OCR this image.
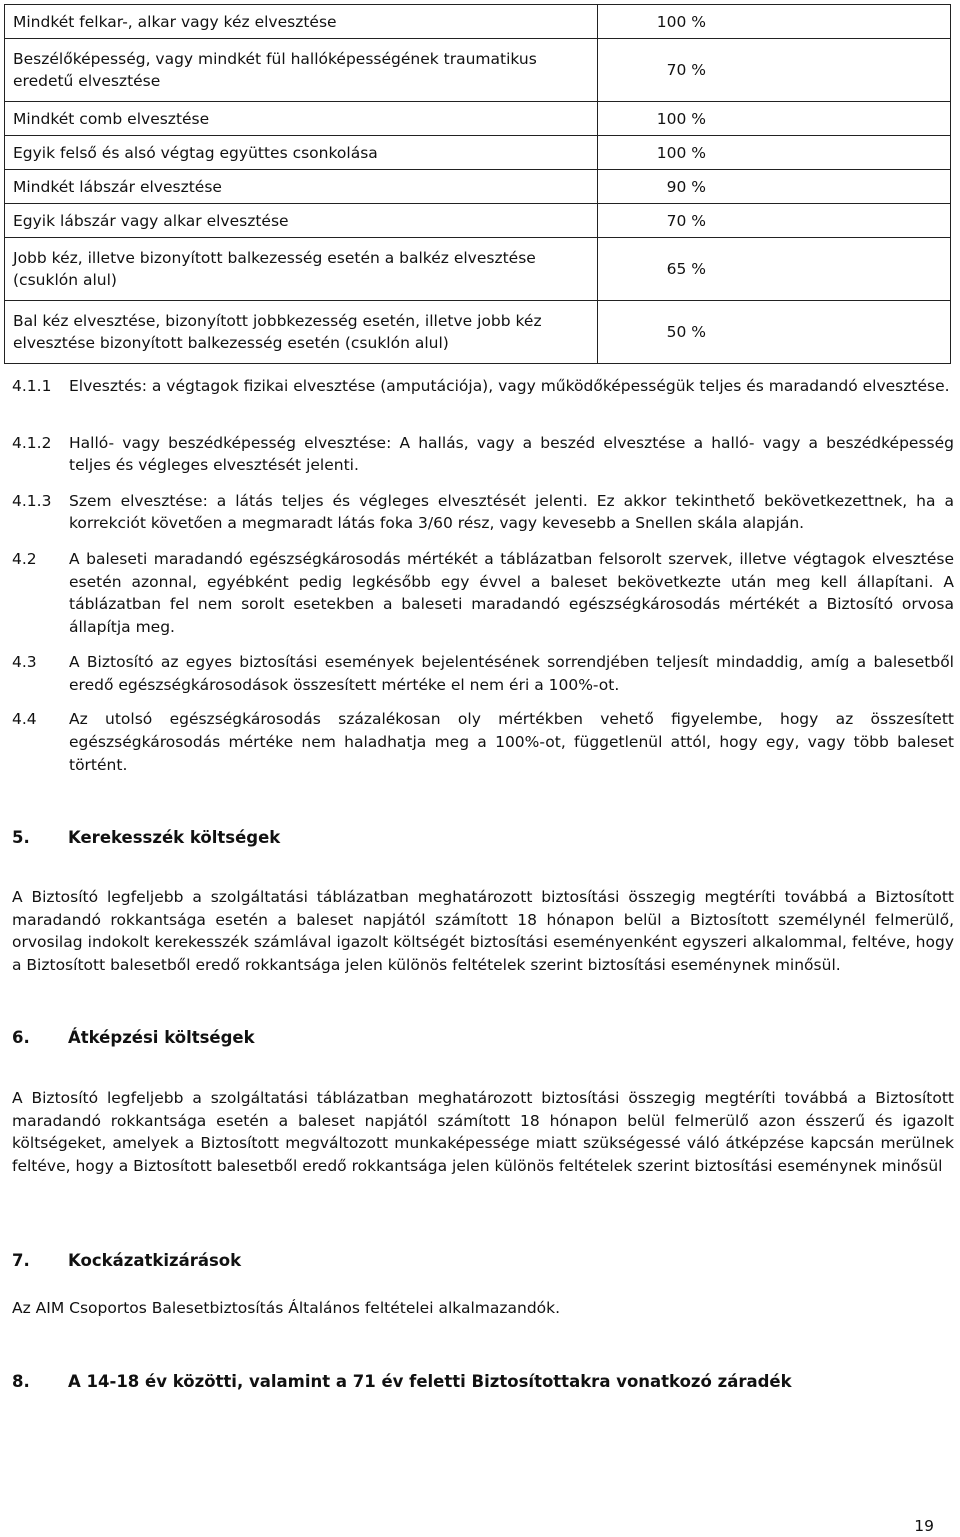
Mindkét felkar-, alkar vagy kéz elvesztése	100 %	
Beszélőképesség, vagy mindkét fül hallóképességének traumatikus eredetű elvesztése	70 %	
Mindkét comb elvesztése	100 %	
Egyik felső és alsó végtag együttes csonkolása	100 %	
Mindkét lábszár elvesztése	90 %	
Egyik lábszár vagy alkar elvesztése	70 %	
Jobb kéz, illetve bizonyított balkezesség esetén a balkéz elvesztése (csuklón alul)	65 %	
Bal kéz elvesztése, bizonyított jobbkezesség esetén, illetve jobb kéz elvesztése bizonyított balkezesség esetén (csuklón alul)	50 %	
4.1.1 Elvesztés: a végtagok fizikai elvesztése (amputációja), vagy működőképességük teljes és maradandó elvesztése.
4.1.2 Halló- vagy beszédképesség elvesztése: A hallás, vagy a beszéd elvesztése a halló- vagy a beszédképesség teljes és végleges elvesztését jelenti.
4.1.3 Szem elvesztése: a látás teljes és végleges elvesztését jelenti. Ez akkor tekinthető bekövetkezettnek, ha a korrekciót követően a megmaradt látás foka 3/60 rész, vagy kevesebb a Snellen skála alapján.
4.2 A baleseti maradandó egészségkárosodás mértékét a táblázatban felsorolt szervek, illetve végtagok elvesztése esetén azonnal, egyébként pedig legkésőbb egy évvel a baleset bekövetkezte után meg kell állapítani. A táblázatban fel nem sorolt esetekben a baleseti maradandó egészségkárosodás mértékét a Biztosító orvosa állapítja meg.
4.3 A Biztosító az egyes biztosítási események bejelentésének sorrendjében teljesít mindaddig, amíg a balesetből eredő egészségkárosodások összesített mértéke el nem éri a 100%-ot.
4.4 Az utolsó egészségkárosodás százalékosan oly mértékben vehető figyelembe, hogy az összesített egészségkárosodás mértéke nem haladhatja meg a 100%-ot, függetlenül attól, hogy egy, vagy több baleset történt.
5. Kerekesszék költségek
A Biztosító legfeljebb a szolgáltatási táblázatban meghatározott biztosítási összegig megtéríti továbbá a Biztosított maradandó rokkantsága esetén a baleset napjától számított 18 hónapon belül a Biztosított személynél felmerülő, orvosilag indokolt kerekesszék számlával igazolt költségét biztosítási eseményenként egyszeri alkalommal, feltéve, hogy a Biztosított balesetből eredő rokkantsága jelen különös feltételek szerint biztosítási eseménynek minősül.
6. Átképzési költségek
A Biztosító legfeljebb a szolgáltatási táblázatban meghatározott biztosítási összegig megtéríti továbbá a Biztosított maradandó rokkantsága esetén a baleset napjától számított 18 hónapon belül felmerülő azon ésszerű és igazolt költségeket, amelyek a Biztosított megváltozott munkaképessége miatt szükségessé váló átképzése kapcsán merülnek feltéve, hogy a Biztosított balesetből eredő rokkantsága jelen különös feltételek szerint biztosítási eseménynek minősül
7. Kockázatkizárások
Az AIM Csoportos Balesetbiztosítás Általános feltételei alkalmazandók.
8. A 14-18 év közötti, valamint a 71 év feletti Biztosítottakra vonatkozó záradék
19
